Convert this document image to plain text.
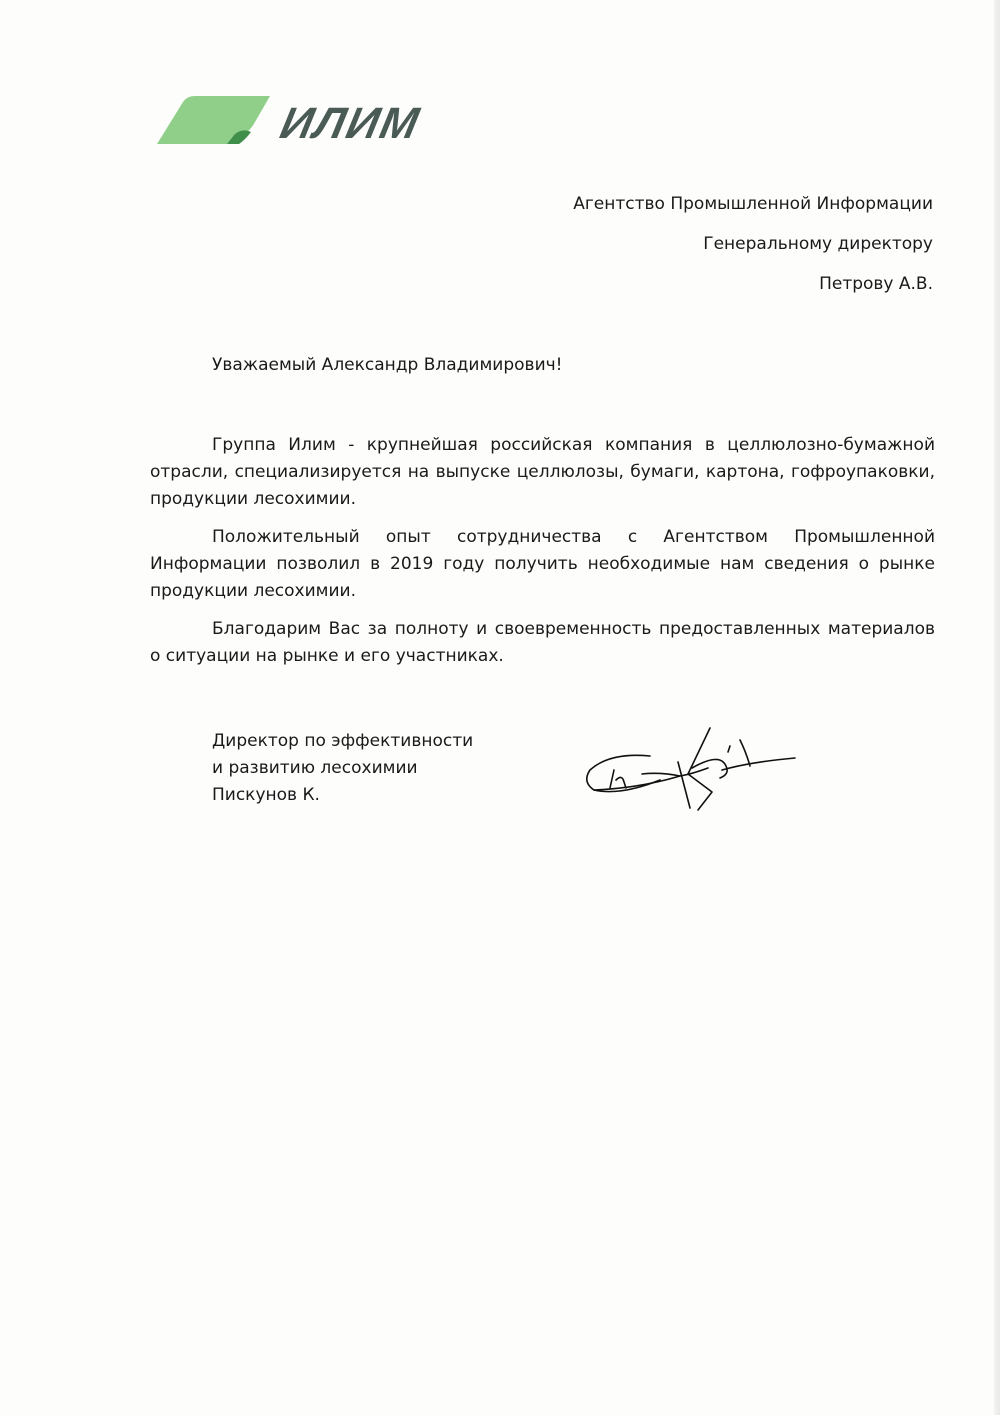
ИЛИМ
Агентство Промышленной Информации
Генеральному директору
Петрову А.В.
Уважаемый Александр Владимирович!

Группа Илим - крупнейшая российская компания в целлюлозно-бумажной отрасли, специализируется на выпуске целлюлозы, бумаги, картона, гофроупаковки, продукции лесохимии.

Положительный опыт сотрудничества с Агентством Промышленной Информации позволил в 2019 году получить необходимые нам сведения о рынке продукции лесохимии.

Благодарим Вас за полноту и своевременность предоставленных материалов о ситуации на рынке и его участниках.

Директор по эффективности
и развитию лесохимии
Пискунов К.
